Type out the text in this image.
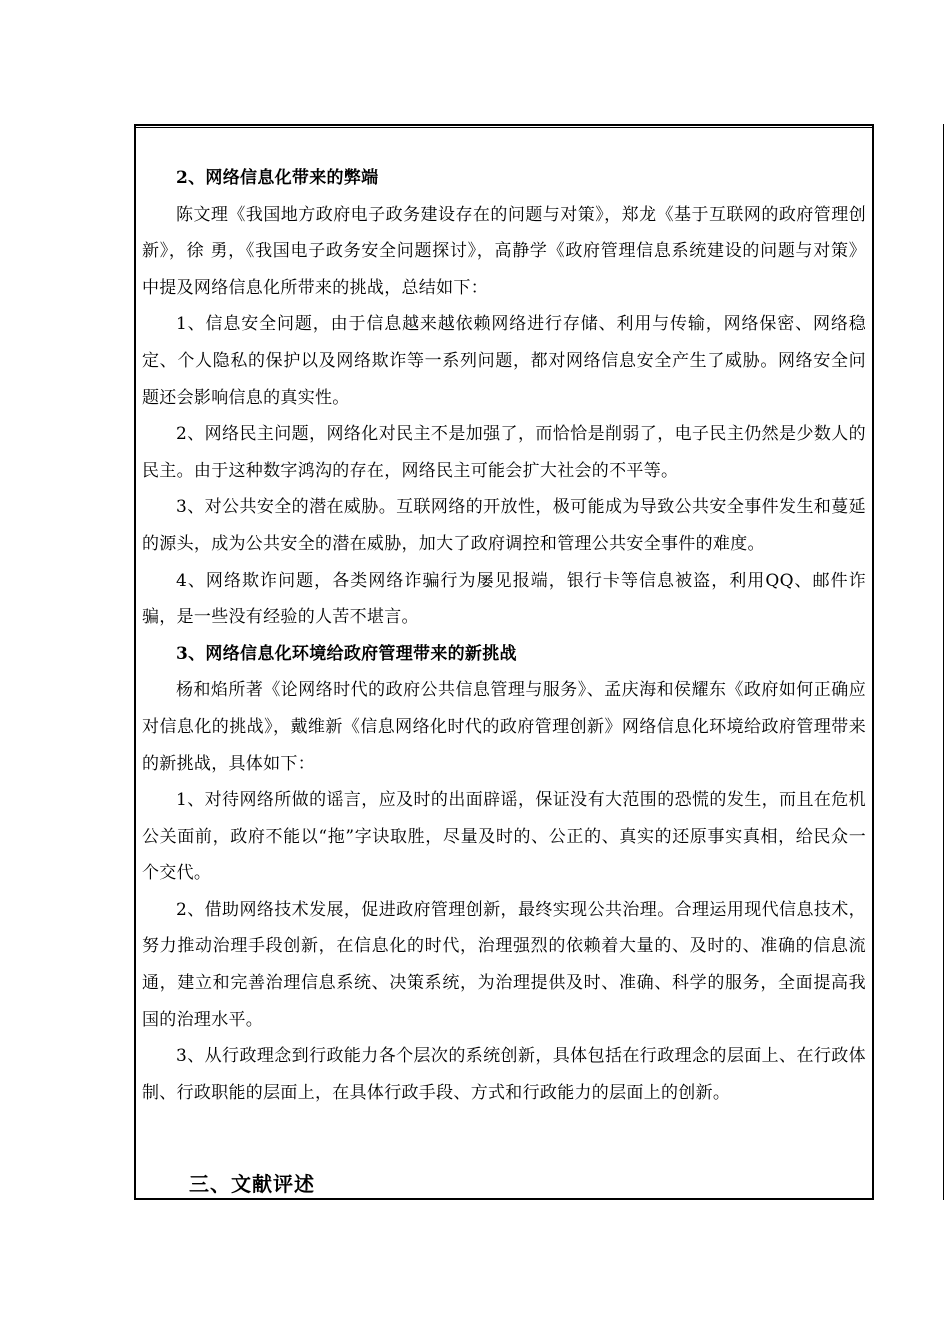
2、网络信息化带来的弊端

陈文理《我国地方政府电子政务建设存在的问题与对策》，郑龙《基于互联网的政府管理创新》，徐 勇，《我国电子政务安全问题探讨》，高静学《政府管理信息系统建设的问题与对策》中提及网络信息化所带来的挑战，总结如下：

1、信息安全问题，由于信息越来越依赖网络进行存储、利用与传输，网络保密、网络稳定、个人隐私的保护以及网络欺诈等一系列问题，都对网络信息安全产生了威胁。网络安全问题还会影响信息的真实性。

2、网络民主问题，网络化对民主不是加强了，而恰恰是削弱了，电子民主仍然是少数人的民主。由于这种数字鸿沟的存在，网络民主可能会扩大社会的不平等。

3、对公共安全的潜在威胁。互联网络的开放性，极可能成为导致公共安全事件发生和蔓延的源头，成为公共安全的潜在威胁，加大了政府调控和管理公共安全事件的难度。

4、网络欺诈问题，各类网络诈骗行为屡见报端，银行卡等信息被盗，利用QQ、邮件诈骗，是一些没有经验的人苦不堪言。

3、网络信息化环境给政府管理带来的新挑战

杨和焰所著《论网络时代的政府公共信息管理与服务》、孟庆海和侯耀东《政府如何正确应对信息化的挑战》，戴维新《信息网络化时代的政府管理创新》网络信息化环境给政府管理带来的新挑战，具体如下：

1、对待网络所做的谣言，应及时的出面辟谣，保证没有大范围的恐慌的发生，而且在危机公关面前，政府不能以“拖”字诀取胜，尽量及时的、公正的、真实的还原事实真相，给民众一个交代。

2、借助网络技术发展，促进政府管理创新，最终实现公共治理。合理运用现代信息技术，努力推动治理手段创新，在信息化的时代，治理强烈的依赖着大量的、及时的、准确的信息流通，建立和完善治理信息系统、决策系统，为治理提供及时、准确、科学的服务，全面提高我国的治理水平。

3、从行政理念到行政能力各个层次的系统创新，具体包括在行政理念的层面上、在行政体制、行政职能的层面上，在具体行政手段、方式和行政能力的层面上的创新。

三、文献评述
